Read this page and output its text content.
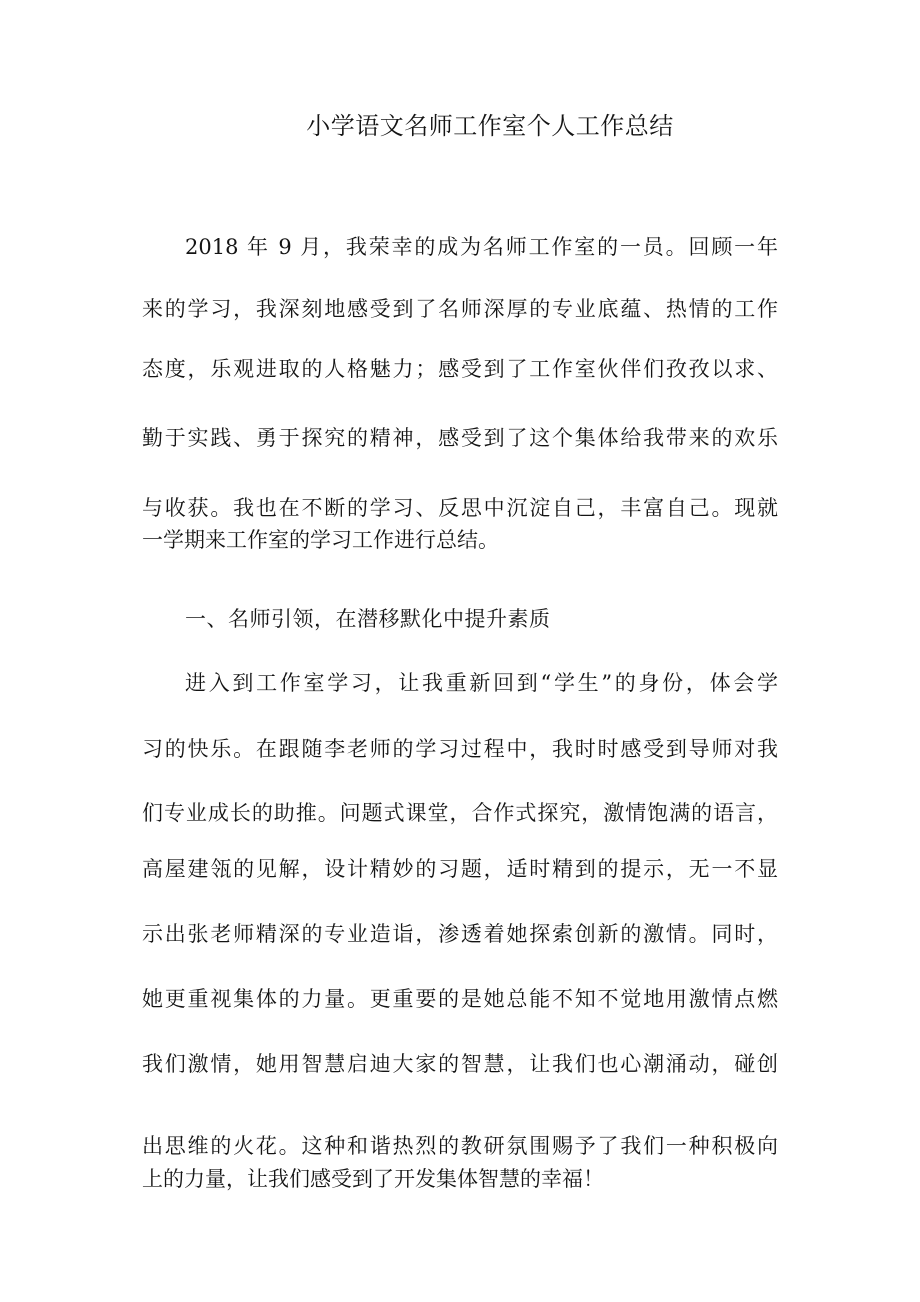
小学语文名师工作室个人工作总结
2018 年 9 月，我荣幸的成为名师工作室的一员。回顾一年
来的学习，我深刻地感受到了名师深厚的专业底蕴、热情的工作
态度，乐观进取的人格魅力；感受到了工作室伙伴们孜孜以求、
勤于实践、勇于探究的精神，感受到了这个集体给我带来的欢乐
与收获。我也在不断的学习、反思中沉淀自己，丰富自己。现就
一学期来工作室的学习工作进行总结。
一、名师引领，在潜移默化中提升素质
进入到工作室学习，让我重新回到“学生”的身份，体会学
习的快乐。在跟随李老师的学习过程中，我时时感受到导师对我
们专业成长的助推。问题式课堂，合作式探究，激情饱满的语言，
高屋建瓴的见解，设计精妙的习题，适时精到的提示，无一不显
示出张老师精深的专业造诣，渗透着她探索创新的激情。同时，
她更重视集体的力量。更重要的是她总能不知不觉地用激情点燃
我们激情，她用智慧启迪大家的智慧，让我们也心潮涌动，碰创
出思维的火花。这种和谐热烈的教研氛围赐予了我们一种积极向
上的力量，让我们感受到了开发集体智慧的幸福！
